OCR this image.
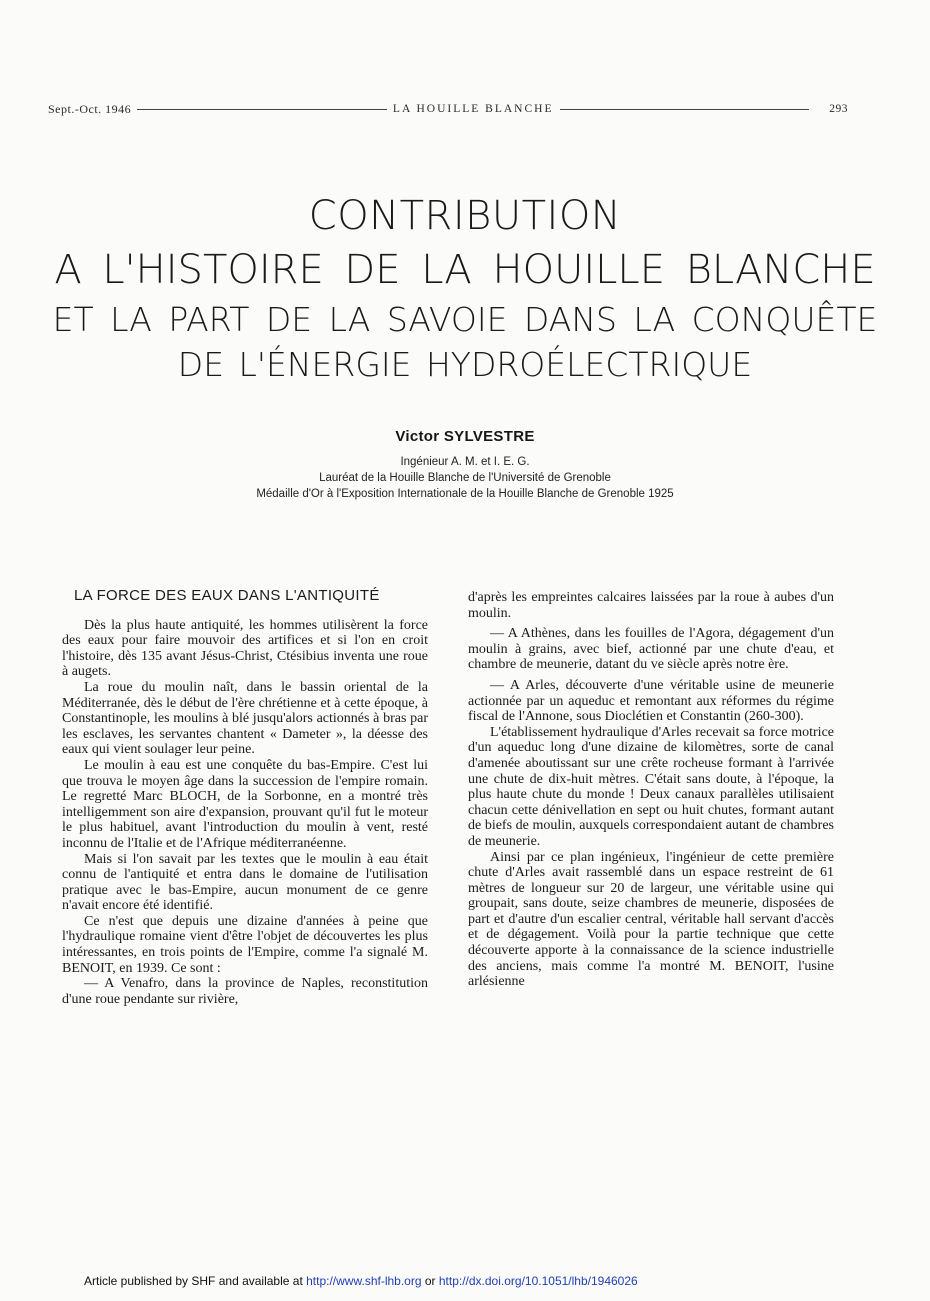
Sept.-Oct. 1946	LA HOUILLE BLANCHE	293
CONTRIBUTION
A L'HISTOIRE DE LA HOUILLE BLANCHE
ET LA PART DE LA SAVOIE DANS LA CONQUÊTE
DE L'ÉNERGIE HYDROÉLECTRIQUE
Victor SYLVESTRE
Ingénieur A. M. et I. E. G.
Lauréat de la Houille Blanche de l'Université de Grenoble
Médaille d'Or à l'Exposition Internationale de la Houille Blanche de Grenoble 1925
LA FORCE DES EAUX DANS L'ANTIQUITÉ

Dès la plus haute antiquité, les hommes utilisèrent la force des eaux pour faire mouvoir des artifices et si l'on en croit l'histoire, dès 135 avant Jésus-Christ, Ctésibius inventa une roue à augets.

La roue du moulin naît, dans le bassin oriental de la Méditerranée, dès le début de l'ère chrétienne et à cette époque, à Constantinople, les moulins à blé jusqu'alors actionnés à bras par les esclaves, les servantes chantent « Dameter », la déesse des eaux qui vient soulager leur peine.

Le moulin à eau est une conquête du bas-Empire. C'est lui que trouva le moyen âge dans la succession de l'empire romain. Le regretté Marc BLOCH, de la Sorbonne, en a montré très intelligemment son aire d'expansion, prouvant qu'il fut le moteur le plus habituel, avant l'introduction du moulin à vent, resté inconnu de l'Italie et de l'Afrique méditerranéenne.

Mais si l'on savait par les textes que le moulin à eau était connu de l'antiquité et entra dans le domaine de l'utilisation pratique avec le bas-Empire, aucun monument de ce genre n'avait encore été identifié.

Ce n'est que depuis une dizaine d'années à peine que l'hydraulique romaine vient d'être l'objet de découvertes les plus intéressantes, en trois points de l'Empire, comme l'a signalé M. BENOIT, en 1939. Ce sont :

— A Venafro, dans la province de Naples, reconstitution d'une roue pendante sur rivière,

d'après les empreintes calcaires laissées par la roue à aubes d'un moulin.

— A Athènes, dans les fouilles de l'Agora, dégagement d'un moulin à grains, avec bief, actionné par une chute d'eau, et chambre de meunerie, datant du ve siècle après notre ère.

— A Arles, découverte d'une véritable usine de meunerie actionnée par un aqueduc et remontant aux réformes du régime fiscal de l'Annone, sous Dioclétien et Constantin (260-300).

L'établissement hydraulique d'Arles recevait sa force motrice d'un aqueduc long d'une dizaine de kilomètres, sorte de canal d'amenée aboutissant sur une crête rocheuse formant à l'arrivée une chute de dix-huit mètres. C'était sans doute, à l'époque, la plus haute chute du monde ! Deux canaux parallèles utilisaient chacun cette dénivellation en sept ou huit chutes, formant autant de biefs de moulin, auxquels correspondaient autant de chambres de meunerie.

Ainsi par ce plan ingénieux, l'ingénieur de cette première chute d'Arles avait rassemblé dans un espace restreint de 61 mètres de longueur sur 20 de largeur, une véritable usine qui groupait, sans doute, seize chambres de meunerie, disposées de part et d'autre d'un escalier central, véritable hall servant d'accès et de dégagement. Voilà pour la partie technique que cette découverte apporte à la connaissance de la science industrielle des anciens, mais comme l'a montré M. BENOIT, l'usine arlésienne

Article published by SHF and available at http://www.shf-lhb.org or http://dx.doi.org/10.1051/lhb/1946026
